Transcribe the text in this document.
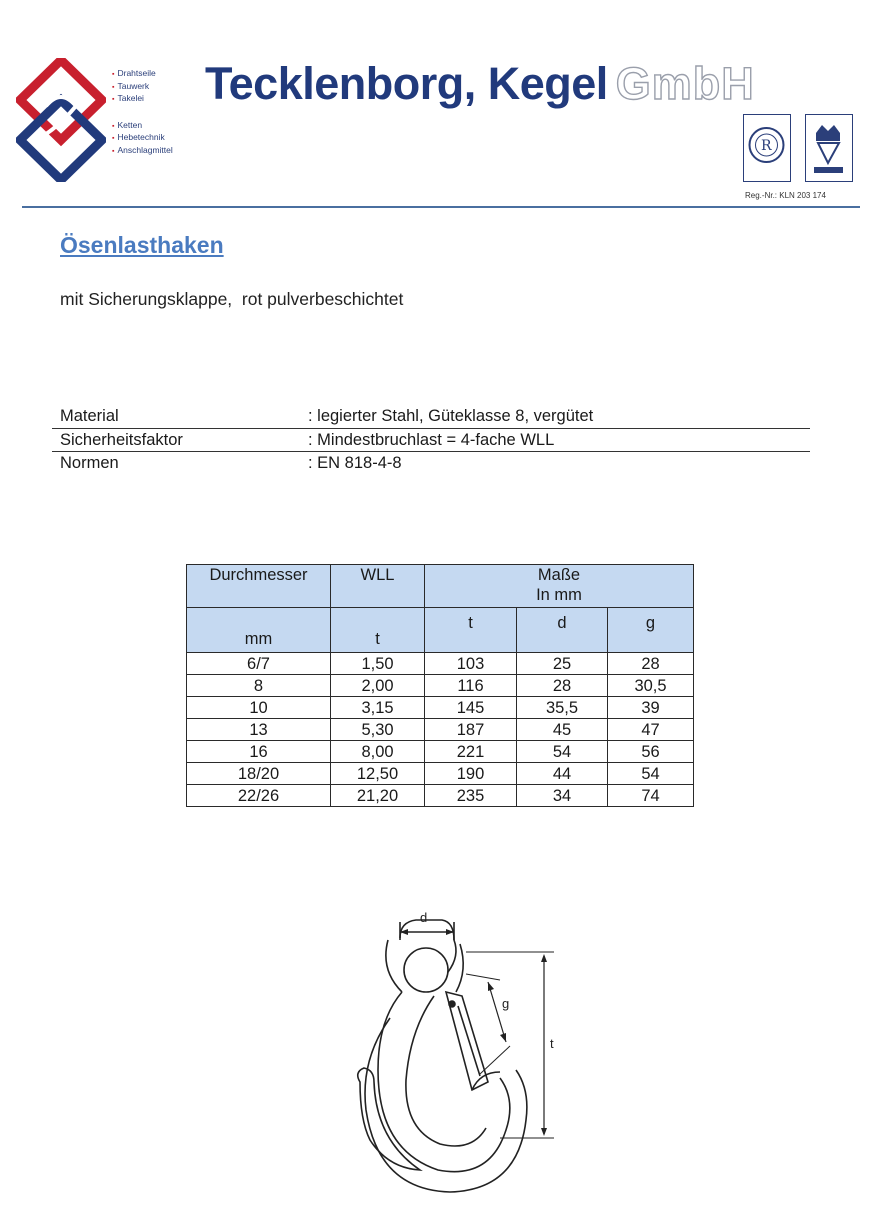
▪ Drahtseile
▪ Tauwerk
▪ Takelei
▪ Ketten
▪ Hebetechnik
▪ Anschlagmittel
Tecklenborg, Kegel GmbH
R
Reg.-Nr.: KLN 203 174
Ösenlasthaken
mit Sicherungsklappe,  rot pulverbeschichtet
Material	: legierter Stahl, Güteklasse 8, vergütet
Sicherheitsfaktor	: Mindestbruchlast = 4-fache WLL
Normen	: EN 818-4-8
Durchmesser	WLL	Maße
In mm		

mm	t	t	d	g

6/7	1,50	103	25	28
8	2,00	116	28	30,5
10	3,15	145	35,5	39
13	5,30	187	45	47
16	8,00	221	54	56
18/20	12,50	190	44	54
22/26	21,20	235	34	74
d
g
t
